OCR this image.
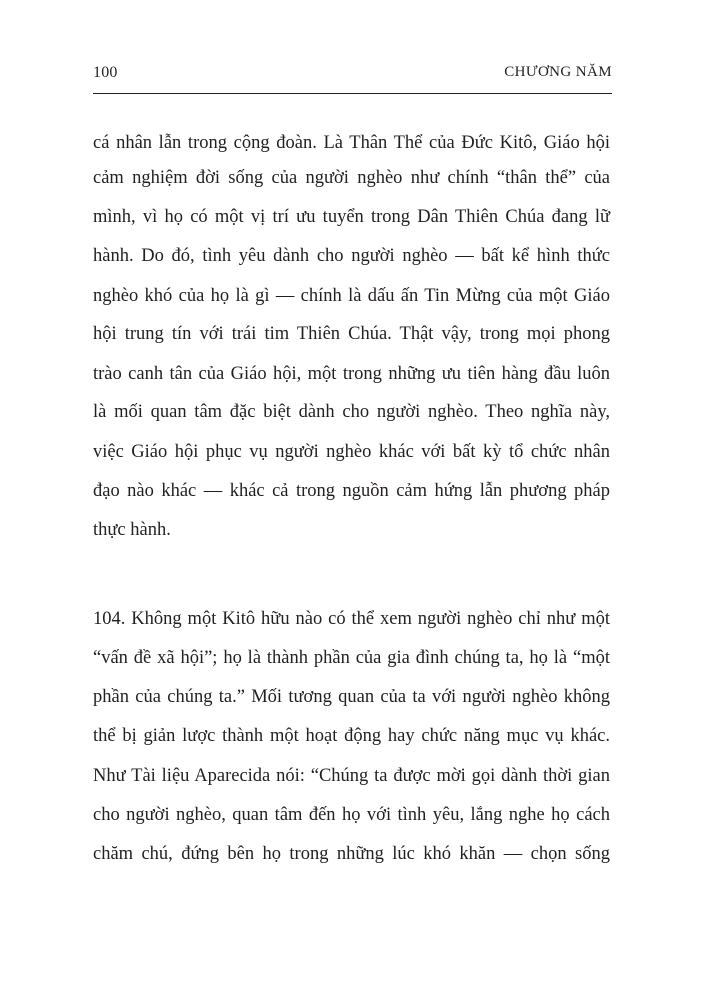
100	CHƯƠNG NĂM
cá nhân lẫn trong cộng đoàn. Là Thân Thể của Đức Kitô, Giáo hội
cảm nghiệm đời sống của người nghèo như chính “thân thể” của
mình, vì họ có một vị trí ưu tuyển trong Dân Thiên Chúa đang lữ
hành. Do đó, tình yêu dành cho người nghèo — bất kể hình thức
nghèo khó của họ là gì — chính là dấu ấn Tin Mừng của một Giáo
hội trung tín với trái tim Thiên Chúa. Thật vậy, trong mọi phong
trào canh tân của Giáo hội, một trong những ưu tiên hàng đầu luôn
là mối quan tâm đặc biệt dành cho người nghèo. Theo nghĩa này,
việc Giáo hội phục vụ người nghèo khác với bất kỳ tổ chức nhân
đạo nào khác — khác cả trong nguồn cảm hứng lẫn phương pháp
thực hành.
104. Không một Kitô hữu nào có thể xem người nghèo chỉ như một
“vấn đề xã hội”; họ là thành phần của gia đình chúng ta, họ là “một
phần của chúng ta.” Mối tương quan của ta với người nghèo không
thể bị giản lược thành một hoạt động hay chức năng mục vụ khác.
Như Tài liệu Aparecida nói: “Chúng ta được mời gọi dành thời gian
cho người nghèo, quan tâm đến họ với tình yêu, lắng nghe họ cách
chăm chú, đứng bên họ trong những lúc khó khăn — chọn sống
